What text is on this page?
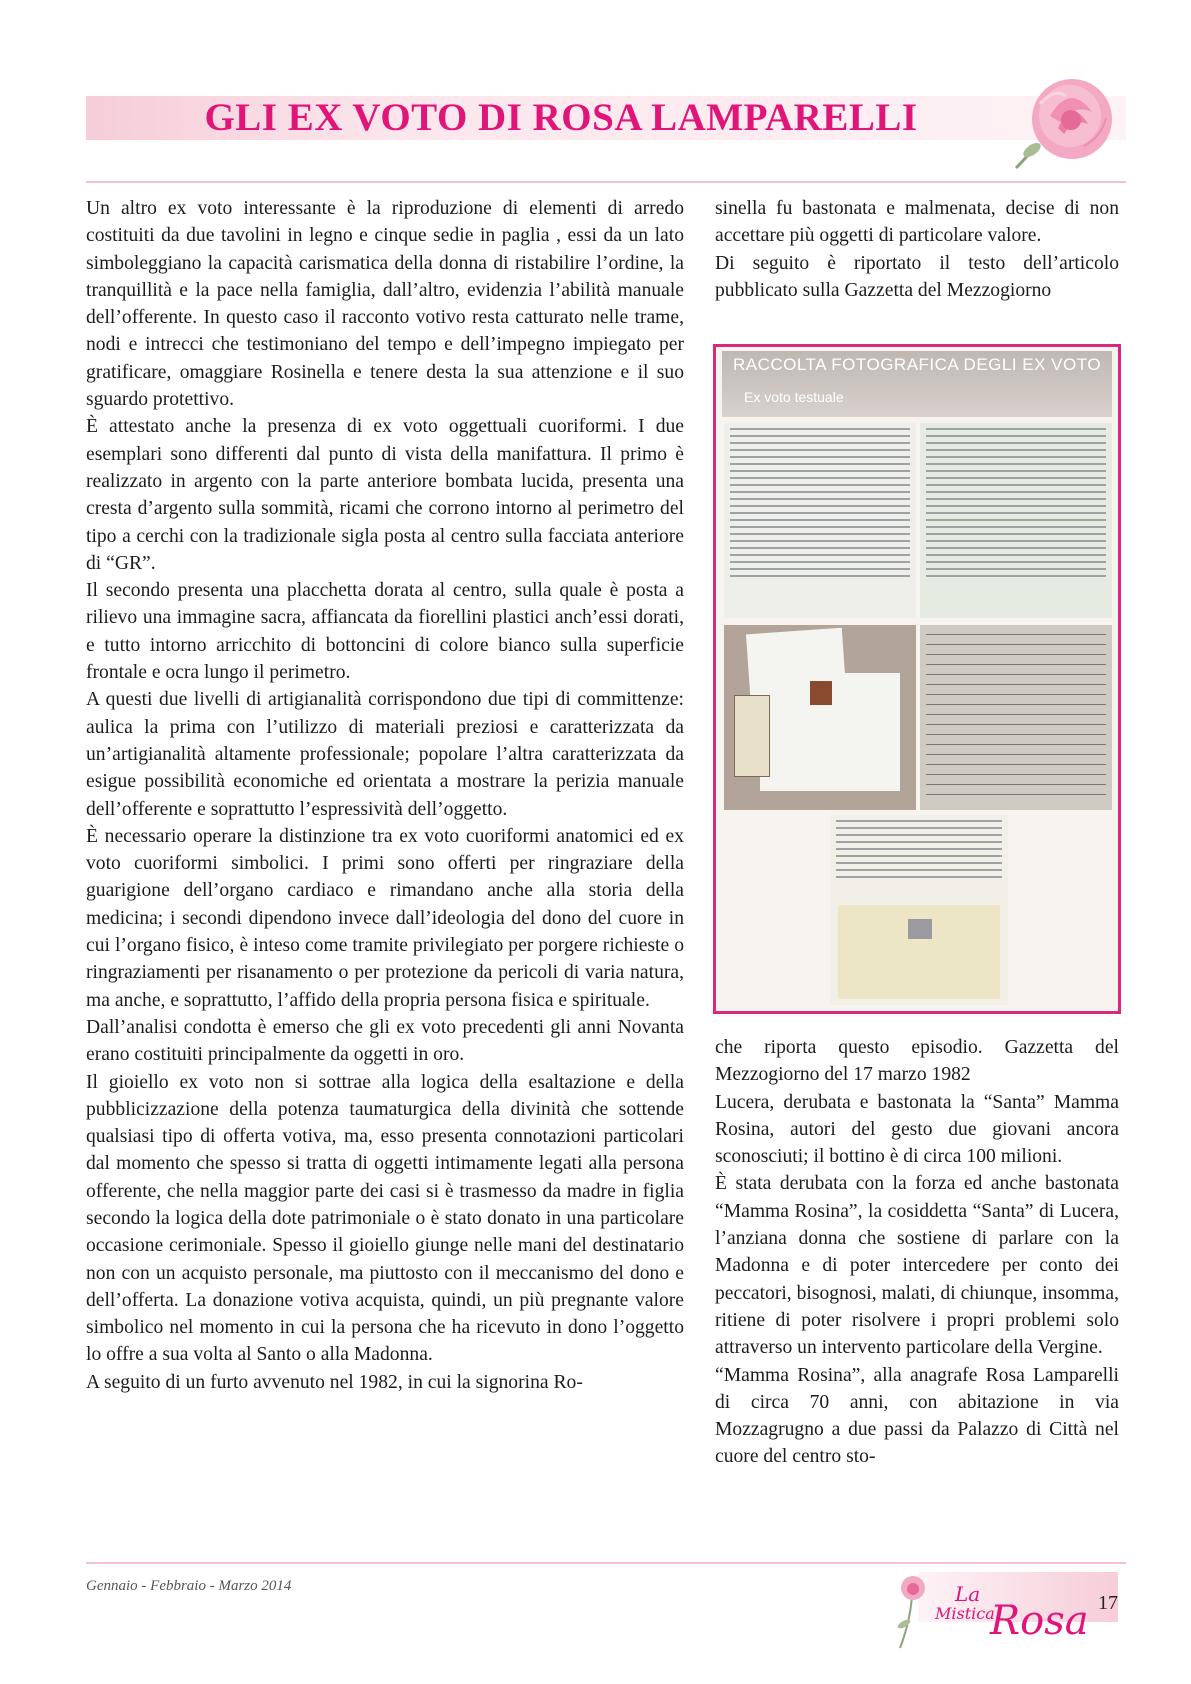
GLI EX VOTO DI ROSA LAMPARELLI

Un altro ex voto interessante è la riproduzione di elementi di arredo costituiti da due tavolini in legno e cinque sedie in paglia , essi da un lato simboleggiano la capacità carismatica della donna di ristabilire l’ordine, la tranquillità e la pace nella famiglia, dall’altro, evidenzia l’abilità manuale dell’offerente. In questo caso il racconto votivo resta catturato nelle trame, nodi e intrecci che testimoniano del tempo e dell’impegno impiegato per gratificare, omaggiare Rosinella e tenere desta la sua attenzione e il suo sguardo protettivo.

È attestato anche la presenza di ex voto oggettuali cuoriformi. I due esemplari sono differenti dal punto di vista della manifattura. Il primo è realizzato in argento con la parte anteriore bombata lucida, presenta una cresta d’argento sulla sommità, ricami che corrono intorno al perimetro del tipo a cerchi con la tradizionale sigla posta al centro sulla facciata anteriore di “GR”.

Il secondo presenta una placchetta dorata al centro, sulla quale è posta a rilievo una immagine sacra, affiancata da fiorellini plastici anch’essi dorati, e tutto intorno arricchito di bottoncini di colore bianco sulla superficie frontale e ocra lungo il perimetro.

A questi due livelli di artigianalità corrispondono due tipi di committenze: aulica la prima con l’utilizzo di materiali preziosi e caratterizzata da un’artigianalità altamente professionale; popolare l’altra caratterizzata da esigue possibilità economiche ed orientata a mostrare la perizia manuale dell’offerente e soprattutto l’espressività dell’oggetto.

È necessario operare la distinzione tra ex voto cuoriformi anatomici ed ex voto cuoriformi simbolici. I primi sono offerti per ringraziare della guarigione dell’organo cardiaco e rimandano anche alla storia della medicina; i secondi dipendono invece dall’ideologia del dono del cuore in cui l’organo fisico, è inteso come tramite privilegiato per porgere richieste o ringraziamenti per risanamento o per protezione da pericoli di varia natura, ma anche, e soprattutto, l’affido della propria persona fisica e spirituale.

Dall’analisi condotta è emerso che gli ex voto precedenti gli anni Novanta erano costituiti principalmente da oggetti in oro.

Il gioiello ex voto non si sottrae alla logica della esaltazione e della pubblicizzazione della potenza taumaturgica della divinità che sottende qualsiasi tipo di offerta votiva, ma, esso presenta connotazioni particolari dal momento che spesso si tratta di oggetti intimamente legati alla persona offerente, che nella maggior parte dei casi si è trasmesso da madre in figlia secondo la logica della dote patrimoniale o è stato donato in una particolare occasione cerimoniale. Spesso il gioiello giunge nelle mani del destinatario non con un acquisto personale, ma piuttosto con il meccanismo del dono e dell’offerta. La donazione votiva acquista, quindi, un più pregnante valore simbolico nel momento in cui la persona che ha ricevuto in dono l’oggetto lo offre a sua volta al Santo o alla Madonna.

A seguito di un furto avvenuto nel 1982, in cui la signorina Ro-

sinella fu bastonata e malmenata, decise di non accettare più oggetti di particolare valore.

Di seguito è riportato il testo dell’articolo pubblicato sulla Gazzetta del Mezzogiorno

RACCOLTA FOTOGRAFICA DEGLI EX VOTO
Ex voto testuale

che riporta questo episodio. Gazzetta del Mezzogiorno del 17 marzo 1982

Lucera, derubata e bastonata la “Santa” Mamma Rosina, autori del gesto due giovani ancora sconosciuti; il bottino è di circa 100 milioni.

È stata derubata con la forza ed anche bastonata “Mamma Rosina”, la cosiddetta “Santa” di Lucera, l’anziana donna che sostiene di parlare con la Madonna e di poter intercedere per conto dei peccatori, bisognosi, malati, di chiunque, insomma, ritiene di poter risolvere i propri problemi solo attraverso un intervento particolare della Vergine.

“Mamma Rosina”, alla anagrafe Rosa Lamparelli di circa 70 anni, con abitazione in via Mozzagrugno a due passi da Palazzo di Città nel cuore del centro sto-

Gennaio - Febbraio - Marzo 2014	La
Mistica
Rosa 17
